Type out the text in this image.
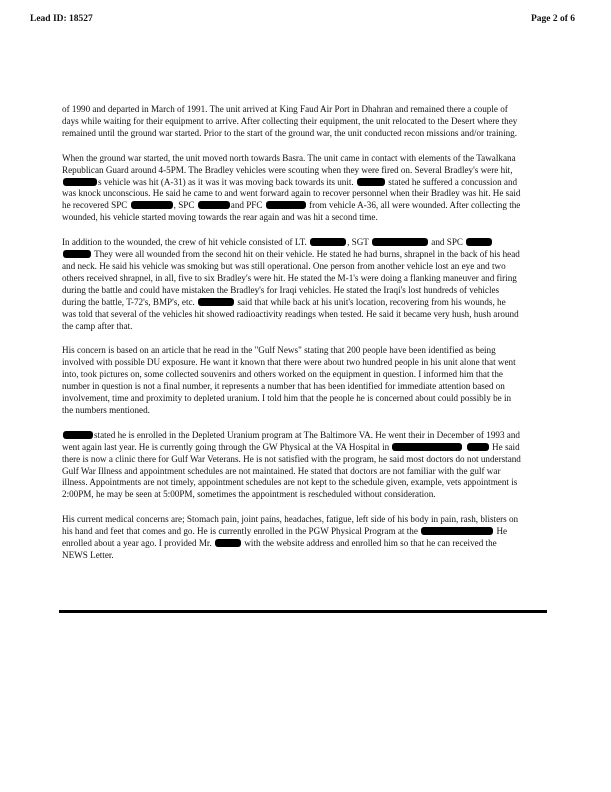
Lead ID: 18527	Page 2 of 6

of 1990 and departed in March of 1991. The unit arrived at King Faud Air Port in Dhahran and remained there a couple of days while waiting for their equipment to arrive. After collecting their equipment, the unit relocated to the Desert where they remained until the ground war started. Prior to the start of the ground war, the unit conducted recon missions and/or training.

When the ground war started, the unit moved north towards Basra. The unit came in contact with elements of the Tawalkana Republican Guard around 4-5PM. The Bradley vehicles were scouting when they were fired on. Several Bradley's were hit, s vehicle was hit (A-31) as it was it was moving back towards its unit.	stated he suffered a concussion and was knock unconscious. He said he came to and went forward again to recover personnel when their Bradley was hit. He said he recovered SPC	, SPC	and PFC	from vehicle A-36, all were wounded. After collecting the wounded, his vehicle started moving towards the rear again and was hit a second time.

In addition to the wounded, the crew of hit vehicle consisted of LT.	, SGT	and SPC   They were all wounded from the second hit on their vehicle. He stated he had burns, shrapnel in the back of his head and neck. He said his vehicle was smoking but was still operational. One person from another vehicle lost an eye and two others received shrapnel, in all, five to six Bradley's were hit. He stated the M-1's were doing a flanking maneuver and firing during the battle and could have mistaken the Bradley's for Iraqi vehicles. He stated the Iraqi's lost hundreds of vehicles during the battle, T-72's, BMP's, etc.	said that while back at his unit's location, recovering from his wounds, he was told that several of the vehicles hit showed radioactivity readings when tested. He said it became very hush, hush around the camp after that.

His concern is based on an article that he read in the "Gulf News" stating that 200 people have been identified as being involved with possible DU exposure. He want it known that there were about two hundred people in his unit alone that went into, took pictures on, some collected souvenirs and others worked on the equipment in question. I informed him that the number in question is not a final number, it represents a number that has been identified for immediate attention based on involvement, time and proximity to depleted uranium. I told him that the people he is concerned about could possibly be in the numbers mentioned.

stated he is enrolled in the Depleted Uranium program at The Baltimore VA. He went their in December of 1993 and went again last year. He is currently going through the GW Physical at the VA Hospital in	He said there is now a clinic there for Gulf War Veterans. He is not satisfied with the program, he said most doctors do not understand Gulf War Illness and appointment schedules are not maintained. He stated that doctors are not familiar with the gulf war illness. Appointments are not timely, appointment schedules are not kept to the schedule given, example, vets appointment is 2:00PM, he may be seen at 5:00PM, sometimes the appointment is rescheduled without consideration.

His current medical concerns are; Stomach pain, joint pains, headaches, fatigue, left side of his body in pain, rash, blisters on his hand and feet that comes and go. He is currently enrolled in the PGW Physical Program at the	He enrolled about a year ago. I provided Mr.	with the website address and enrolled him so that he can received the NEWS Letter.
